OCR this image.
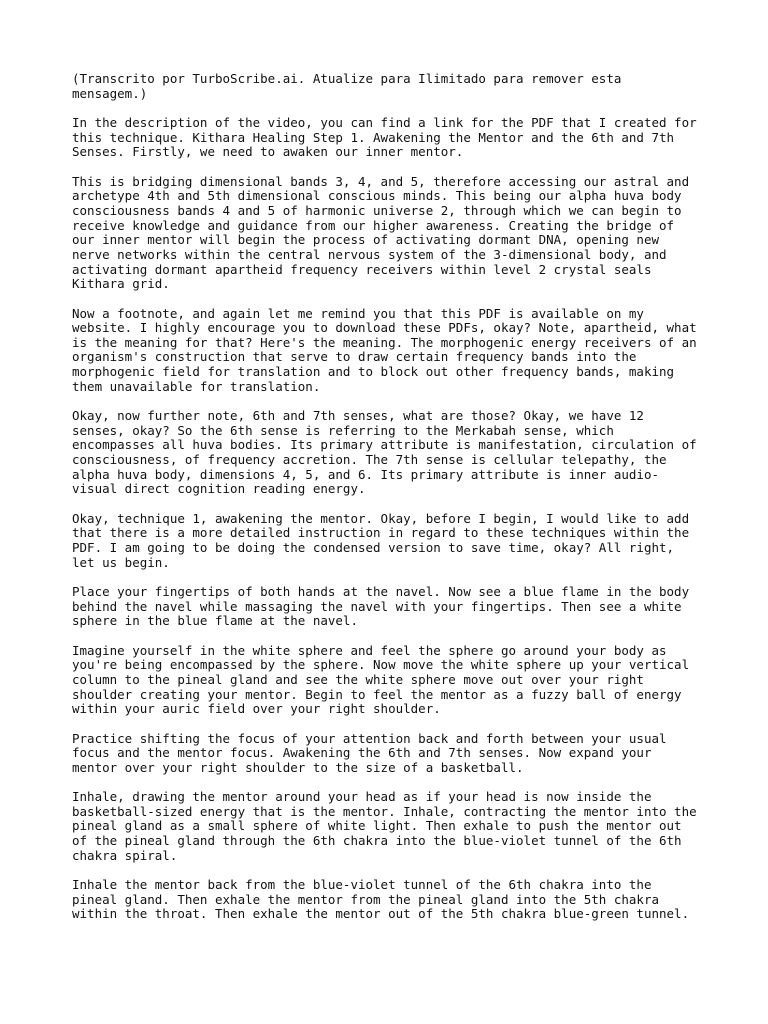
(Transcrito por TurboScribe.ai. Atualize para Ilimitado para remover esta
mensagem.)

In the description of the video, you can find a link for the PDF that I created for
this technique. Kithara Healing Step 1. Awakening the Mentor and the 6th and 7th
Senses. Firstly, we need to awaken our inner mentor.

This is bridging dimensional bands 3, 4, and 5, therefore accessing our astral and
archetype 4th and 5th dimensional conscious minds. This being our alpha huva body
consciousness bands 4 and 5 of harmonic universe 2, through which we can begin to
receive knowledge and guidance from our higher awareness. Creating the bridge of
our inner mentor will begin the process of activating dormant DNA, opening new
nerve networks within the central nervous system of the 3-dimensional body, and
activating dormant apartheid frequency receivers within level 2 crystal seals
Kithara grid.

Now a footnote, and again let me remind you that this PDF is available on my
website. I highly encourage you to download these PDFs, okay? Note, apartheid, what
is the meaning for that? Here's the meaning. The morphogenic energy receivers of an
organism's construction that serve to draw certain frequency bands into the
morphogenic field for translation and to block out other frequency bands, making
them unavailable for translation.

Okay, now further note, 6th and 7th senses, what are those? Okay, we have 12
senses, okay? So the 6th sense is referring to the Merkabah sense, which
encompasses all huva bodies. Its primary attribute is manifestation, circulation of
consciousness, of frequency accretion. The 7th sense is cellular telepathy, the
alpha huva body, dimensions 4, 5, and 6. Its primary attribute is inner audio-
visual direct cognition reading energy.

Okay, technique 1, awakening the mentor. Okay, before I begin, I would like to add
that there is a more detailed instruction in regard to these techniques within the
PDF. I am going to be doing the condensed version to save time, okay? All right,
let us begin.

Place your fingertips of both hands at the navel. Now see a blue flame in the body
behind the navel while massaging the navel with your fingertips. Then see a white
sphere in the blue flame at the navel.

Imagine yourself in the white sphere and feel the sphere go around your body as
you're being encompassed by the sphere. Now move the white sphere up your vertical
column to the pineal gland and see the white sphere move out over your right
shoulder creating your mentor. Begin to feel the mentor as a fuzzy ball of energy
within your auric field over your right shoulder.

Practice shifting the focus of your attention back and forth between your usual
focus and the mentor focus. Awakening the 6th and 7th senses. Now expand your
mentor over your right shoulder to the size of a basketball.

Inhale, drawing the mentor around your head as if your head is now inside the
basketball-sized energy that is the mentor. Inhale, contracting the mentor into the
pineal gland as a small sphere of white light. Then exhale to push the mentor out
of the pineal gland through the 6th chakra into the blue-violet tunnel of the 6th
chakra spiral.

Inhale the mentor back from the blue-violet tunnel of the 6th chakra into the
pineal gland. Then exhale the mentor from the pineal gland into the 5th chakra
within the throat. Then exhale the mentor out of the 5th chakra blue-green tunnel.
